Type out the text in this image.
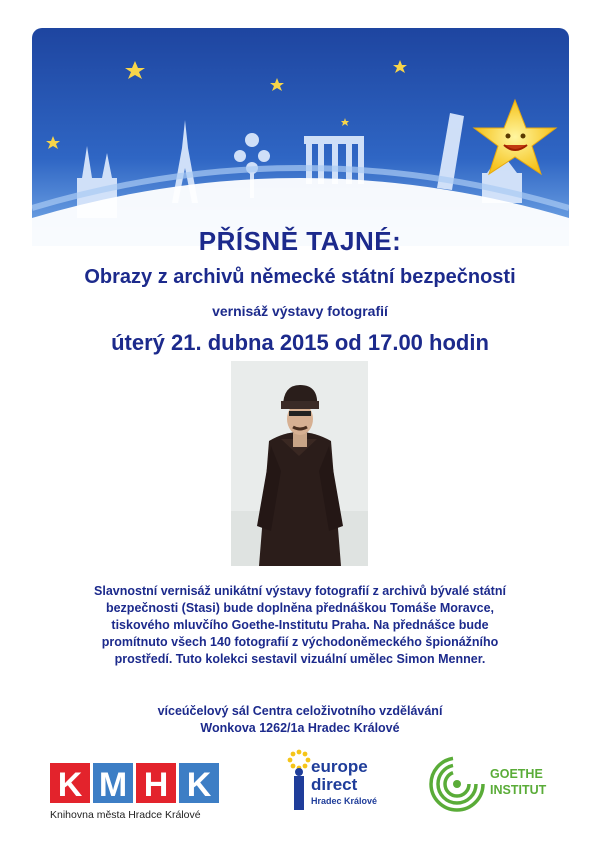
PŘÍSNĚ TAJNÉ:
Obrazy z archivů německé státní bezpečnosti
vernisáž výstavy fotografií
úterý 21. dubna 2015 od 17.00 hodin
Slavnostní vernisáž unikátní výstavy fotografií z archivů bývalé státní
bezpečnosti (Stasi) bude doplněna přednáškou Tomáše Moravce,
tiskového mluvčího Goethe-Institutu Praha. Na přednášce bude
promítnuto všech 140 fotografií z východoněmeckého špionážního
prostředí. Tuto kolekci sestavil vizuální umělec Simon Menner.
víceúčelový sál Centra celoživotního vzdělávání
Wonkova 1262/1a Hradec Králové
K M H K
Knihovna města Hradce Králové
europe
direct
Hradec Králové
GOETHE
INSTITUT
